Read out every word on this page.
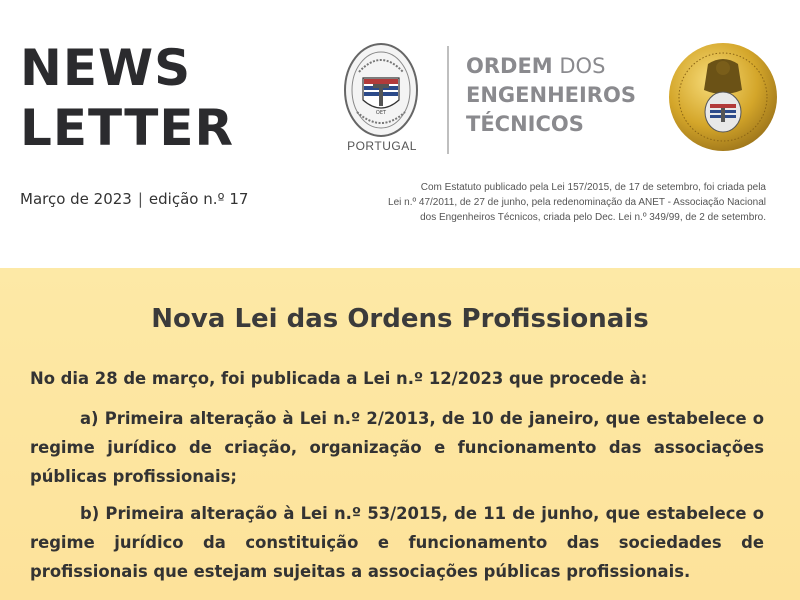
NEWS
LETTER
Março de 2023 | edição n.º 17
OET
PORTUGAL
ORDEM DOS
ENGENHEIROS
TÉCNICOS
Com Estatuto publicado pela Lei 157/2015, de 17 de setembro, foi criada pela
Lei n.º 47/2011, de 27 de junho, pela redenominação da ANET - Associação Nacional
dos Engenheiros Técnicos, criada pelo Dec. Lei n.º 349/99, de 2 de setembro.
Nova Lei das Ordens Profissionais
No dia 28 de março, foi publicada a Lei n.º 12/2023 que procede à:
a) Primeira alteração à Lei n.º 2/2013, de 10 de janeiro, que estabelece o regime jurídico de criação, organização e funcionamento das associações públicas profissionais;
b) Primeira alteração à Lei n.º 53/2015, de 11 de junho, que estabelece o regime jurídico da constituição e funcionamento das sociedades de profissionais que estejam sujeitas a associações públicas profissionais.
